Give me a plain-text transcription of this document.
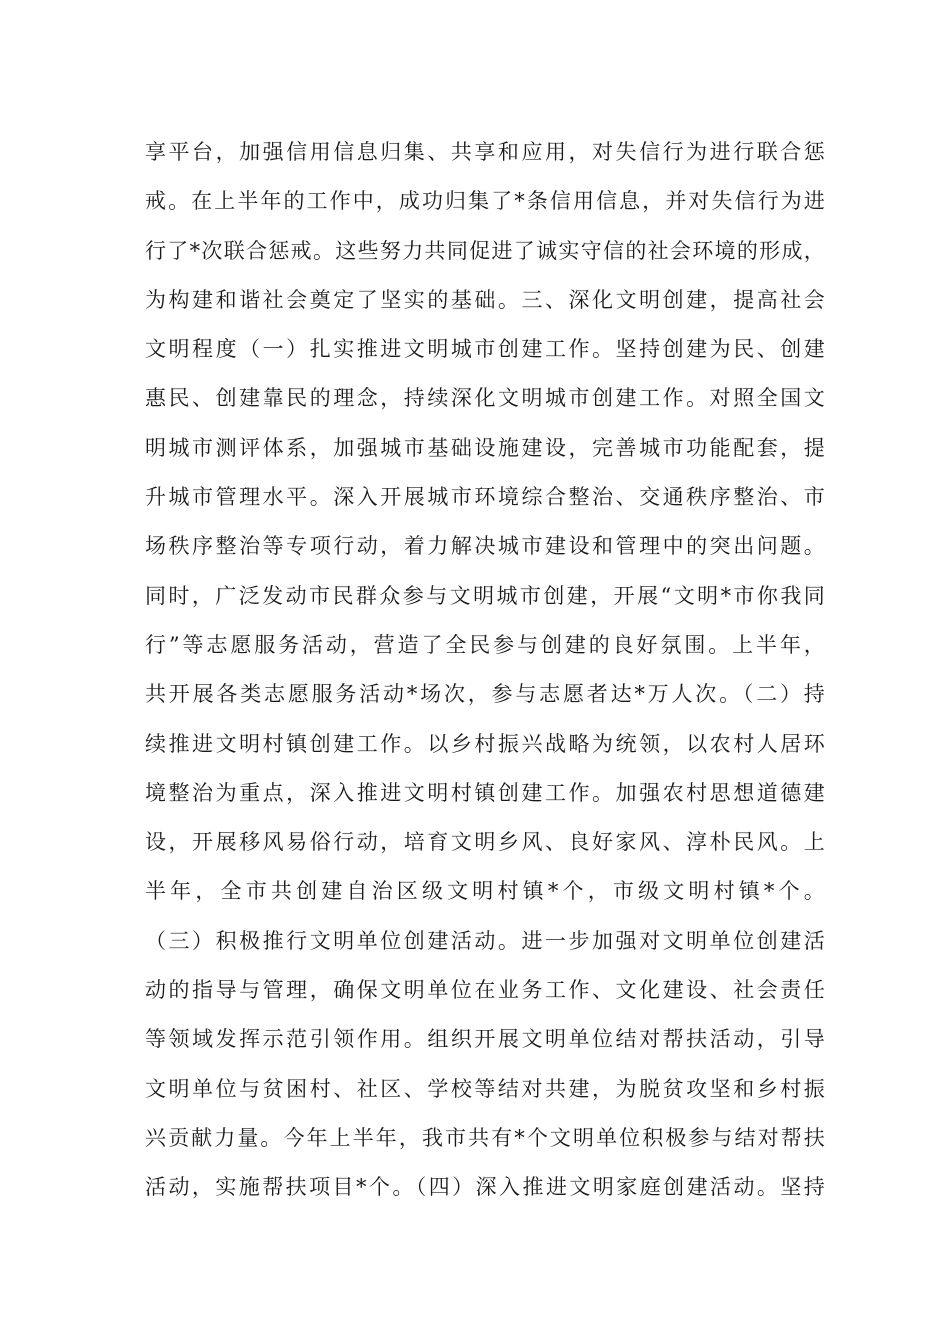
享平台，加强信用信息归集、共享和应用，对失信行为进行联合惩
戒。在上半年的工作中，成功归集了*条信用信息，并对失信行为进
行了*次联合惩戒。这些努力共同促进了诚实守信的社会环境的形成，
为构建和谐社会奠定了坚实的基础。三、深化文明创建，提高社会
文明程度（一）扎实推进文明城市创建工作。坚持创建为民、创建
惠民、创建靠民的理念，持续深化文明城市创建工作。对照全国文
明城市测评体系，加强城市基础设施建设，完善城市功能配套，提
升城市管理水平。深入开展城市环境综合整治、交通秩序整治、市
场秩序整治等专项行动，着力解决城市建设和管理中的突出问题。
同时，广泛发动市民群众参与文明城市创建，开展“文明*市你我同
行”等志愿服务活动，营造了全民参与创建的良好氛围。上半年，
共开展各类志愿服务活动*场次，参与志愿者达*万人次。（二）持
续推进文明村镇创建工作。以乡村振兴战略为统领，以农村人居环
境整治为重点，深入推进文明村镇创建工作。加强农村思想道德建
设，开展移风易俗行动，培育文明乡风、良好家风、淳朴民风。上
半年，全市共创建自治区级文明村镇*个，市级文明村镇*个。
（三）积极推行文明单位创建活动。进一步加强对文明单位创建活
动的指导与管理，确保文明单位在业务工作、文化建设、社会责任
等领域发挥示范引领作用。组织开展文明单位结对帮扶活动，引导
文明单位与贫困村、社区、学校等结对共建，为脱贫攻坚和乡村振
兴贡献力量。今年上半年，我市共有*个文明单位积极参与结对帮扶
活动，实施帮扶项目*个。（四）深入推进文明家庭创建活动。坚持
